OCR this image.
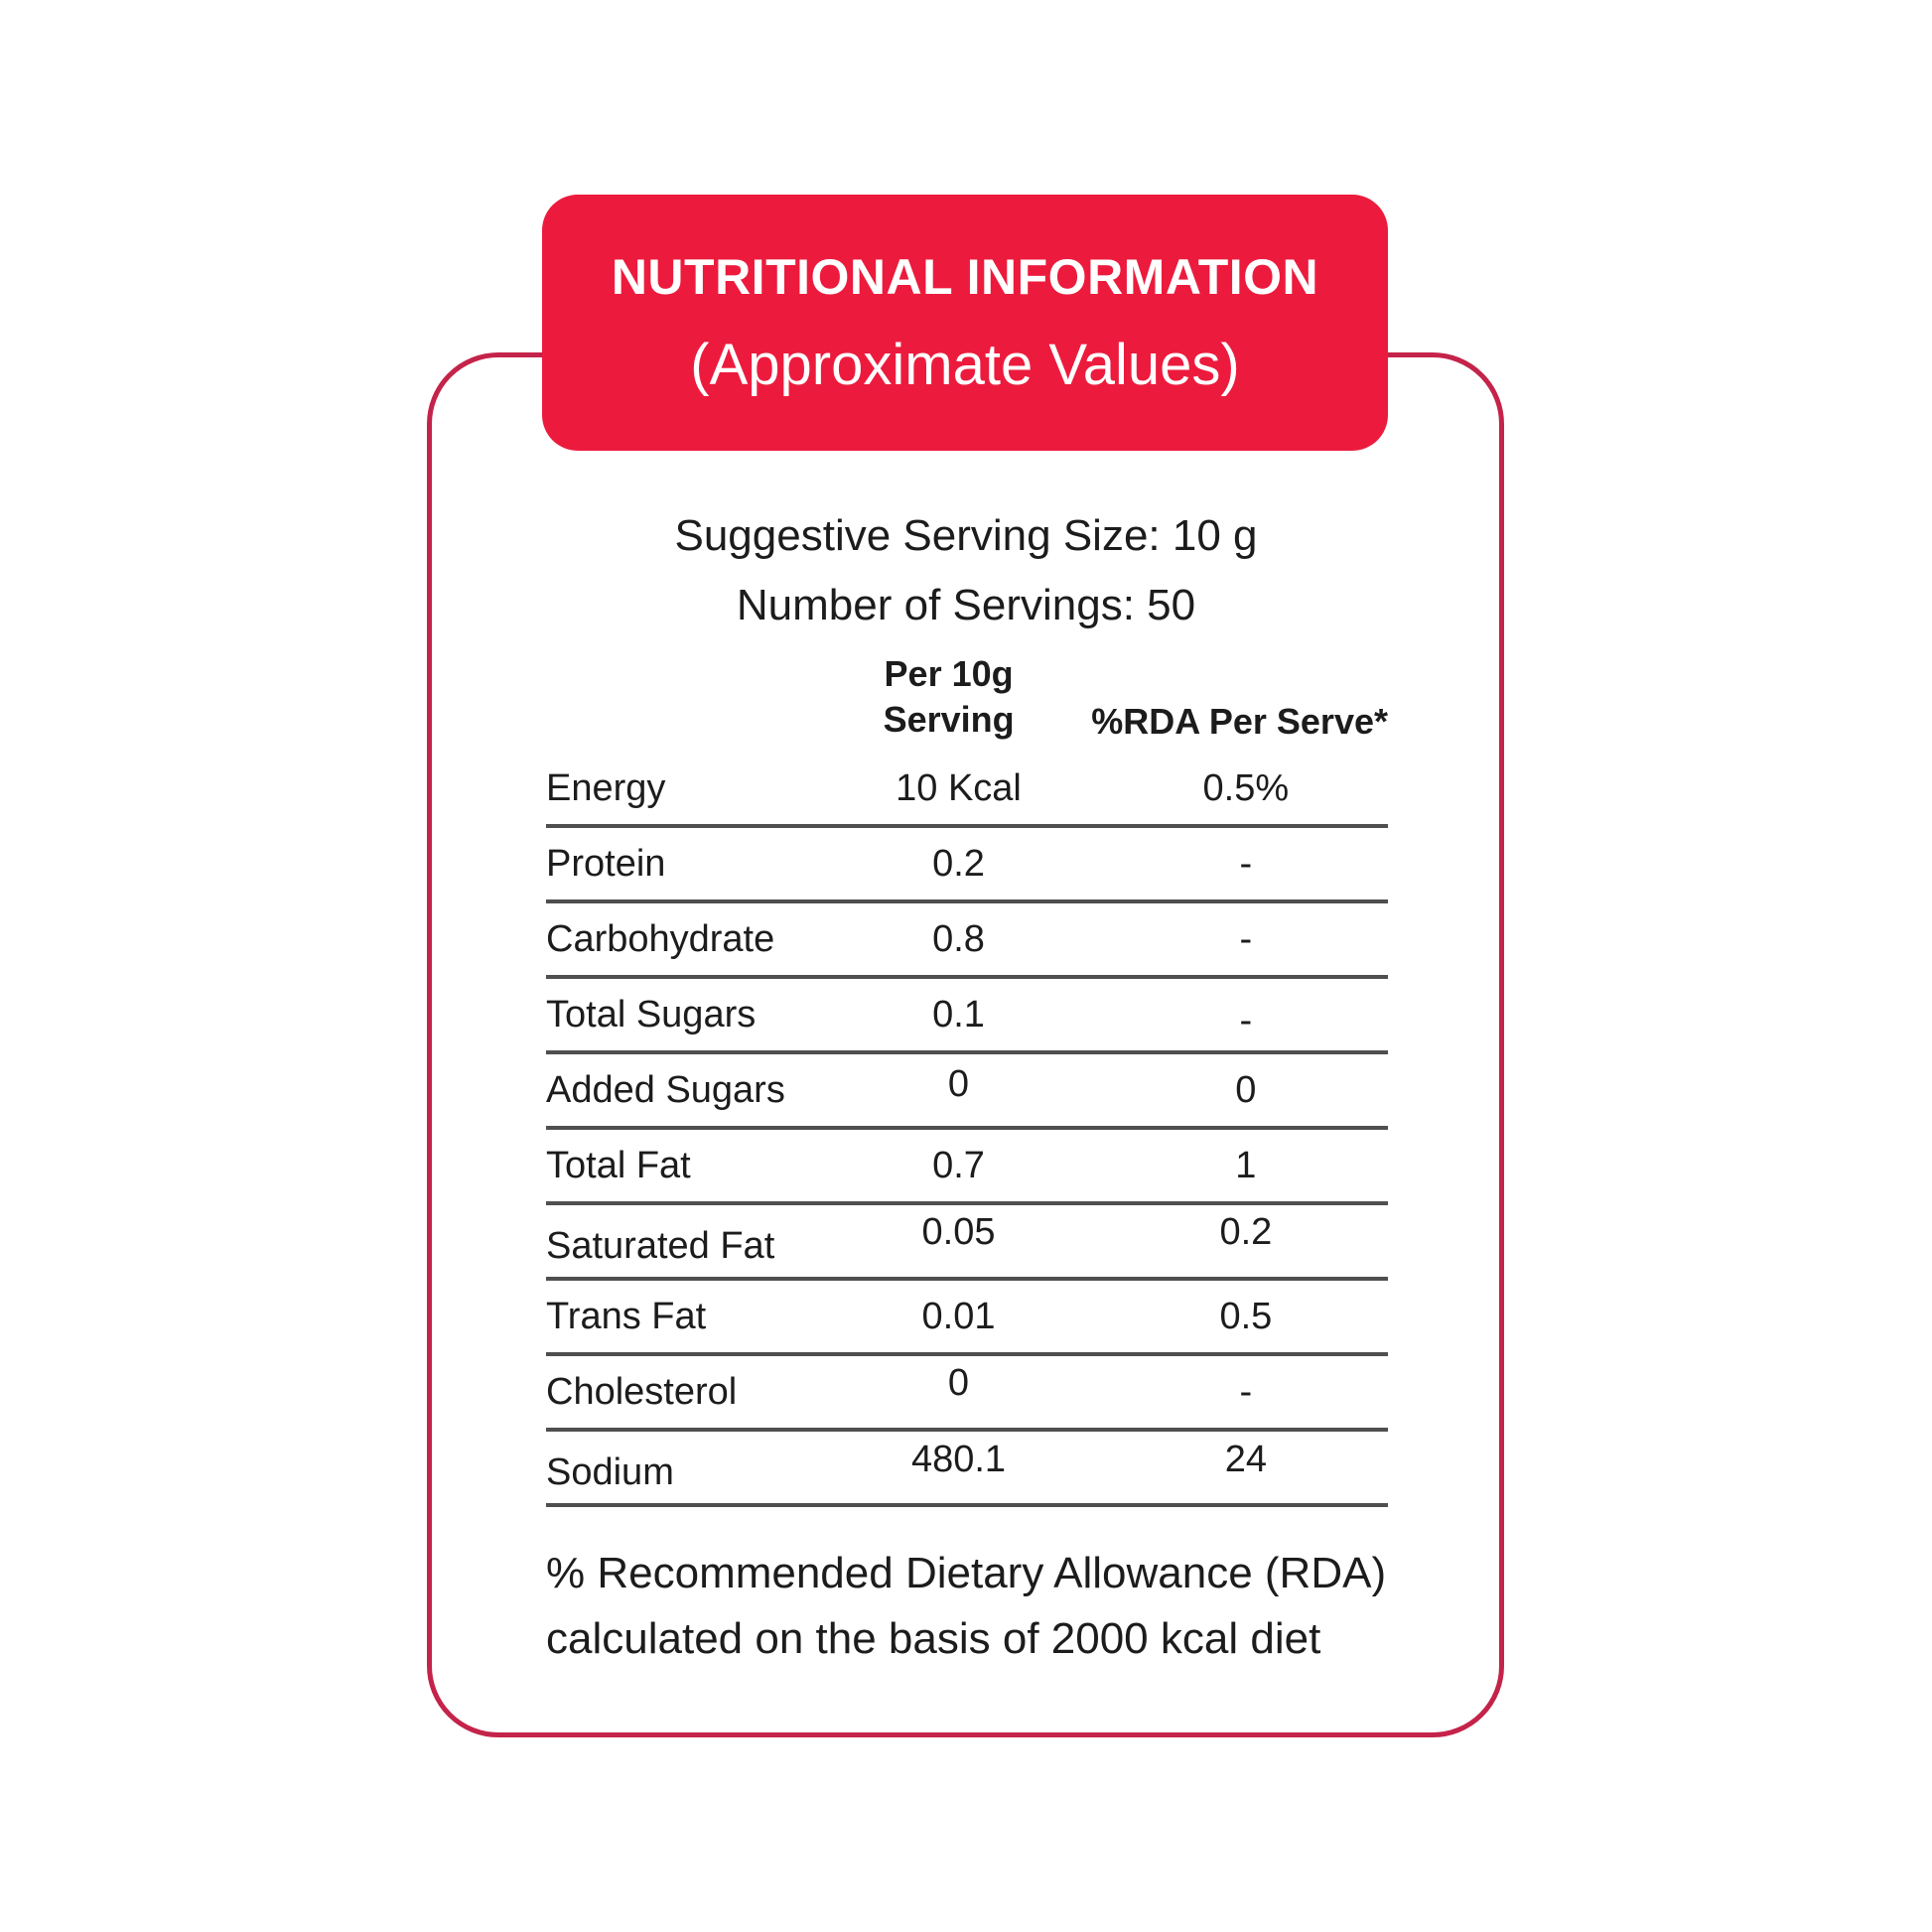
NUTRITIONAL INFORMATION
(Approximate Values)
Suggestive Serving Size: 10 g
Number of Servings: 50
Per 10g
Serving	%RDA Per Serve*
Energy	10 Kcal	0.5%
Protein	0.2	-
Carbohydrate	0.8	-
Total Sugars	0.1	-
Added Sugars	0	0
Total Fat	0.7	1
Saturated Fat	0.05	0.2
Trans Fat	0.01	0.5
Cholesterol	0	-
Sodium	480.1	24
% Recommended Dietary Allowance (RDA)
calculated on the basis of 2000 kcal diet
